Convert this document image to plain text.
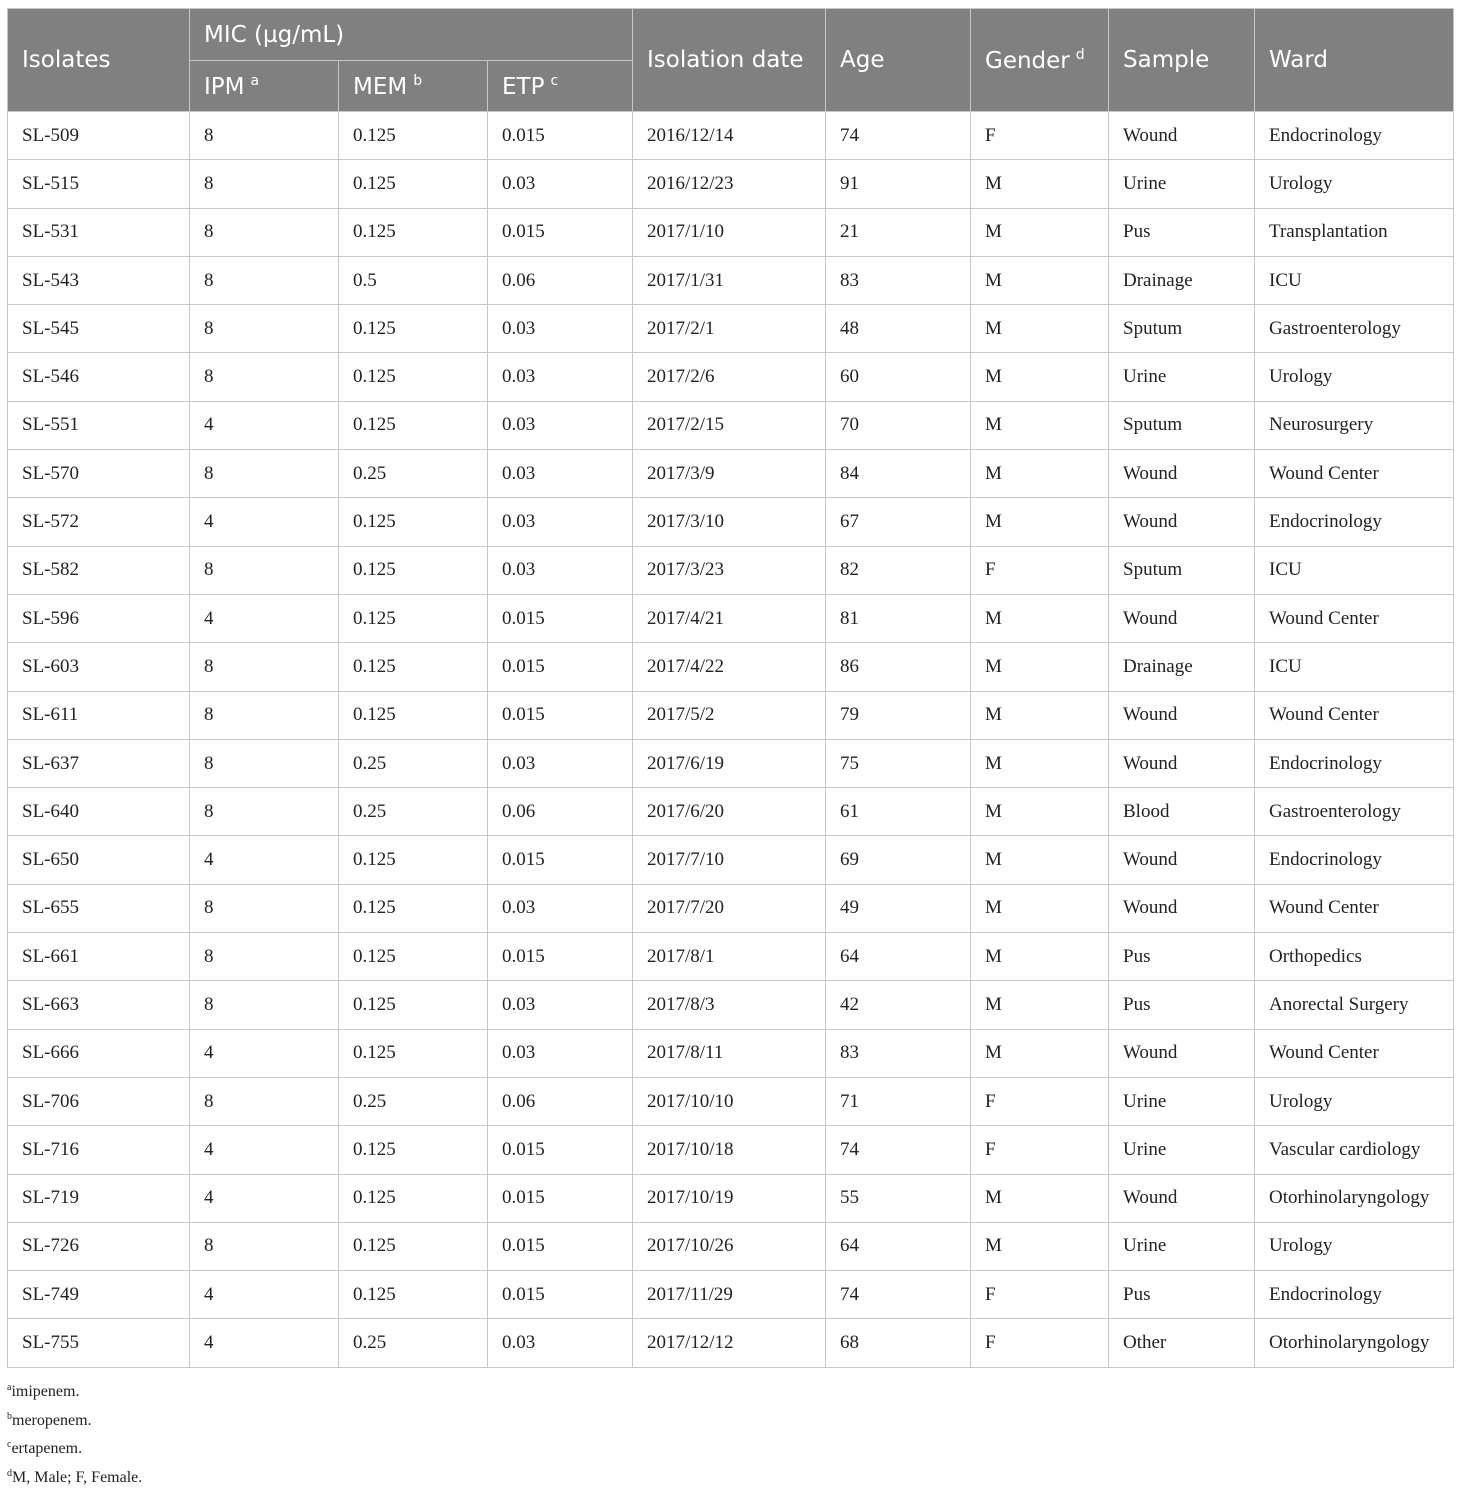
Isolates	MIC (µg/mL)			Isolation date	Age	Gender $^d$	Sample	Ward
	IPM $^a$	MEM $^b$	ETP $^c$
SL-509	8	0.125	0.015	2016/12/14	74	F	Wound	Endocrinology
SL-515	8	0.125	0.03	2016/12/23	91	M	Urine	Urology
SL-531	8	0.125	0.015	2017/1/10	21	M	Pus	Transplantation
SL-543	8	0.5	0.06	2017/1/31	83	M	Drainage	ICU
SL-545	8	0.125	0.03	2017/2/1	48	M	Sputum	Gastroenterology
SL-546	8	0.125	0.03	2017/2/6	60	M	Urine	Urology
SL-551	4	0.125	0.03	2017/2/15	70	M	Sputum	Neurosurgery
SL-570	8	0.25	0.03	2017/3/9	84	M	Wound	Wound Center
SL-572	4	0.125	0.03	2017/3/10	67	M	Wound	Endocrinology
SL-582	8	0.125	0.03	2017/3/23	82	F	Sputum	ICU
SL-596	4	0.125	0.015	2017/4/21	81	M	Wound	Wound Center
SL-603	8	0.125	0.015	2017/4/22	86	M	Drainage	ICU
SL-611	8	0.125	0.015	2017/5/2	79	M	Wound	Wound Center
SL-637	8	0.25	0.03	2017/6/19	75	M	Wound	Endocrinology
SL-640	8	0.25	0.06	2017/6/20	61	M	Blood	Gastroenterology
SL-650	4	0.125	0.015	2017/7/10	69	M	Wound	Endocrinology
SL-655	8	0.125	0.03	2017/7/20	49	M	Wound	Wound Center
SL-661	8	0.125	0.015	2017/8/1	64	M	Pus	Orthopedics
SL-663	8	0.125	0.03	2017/8/3	42	M	Pus	Anorectal Surgery
SL-666	4	0.125	0.03	2017/8/11	83	M	Wound	Wound Center
SL-706	8	0.25	0.06	2017/10/10	71	F	Urine	Urology
SL-716	4	0.125	0.015	2017/10/18	74	F	Urine	Vascular cardiology
SL-719	4	0.125	0.015	2017/10/19	55	M	Wound	Otorhinolaryngology
SL-726	8	0.125	0.015	2017/10/26	64	M	Urine	Urology
SL-749	4	0.125	0.015	2017/11/29	74	F	Pus	Endocrinology
SL-755	4	0.25	0.03	2017/12/12	68	F	Other	Otorhinolaryngology
$^a$imipenem.
$^b$meropenem.
$^c$ertapenem.
$^d$M, Male; F, Female.
